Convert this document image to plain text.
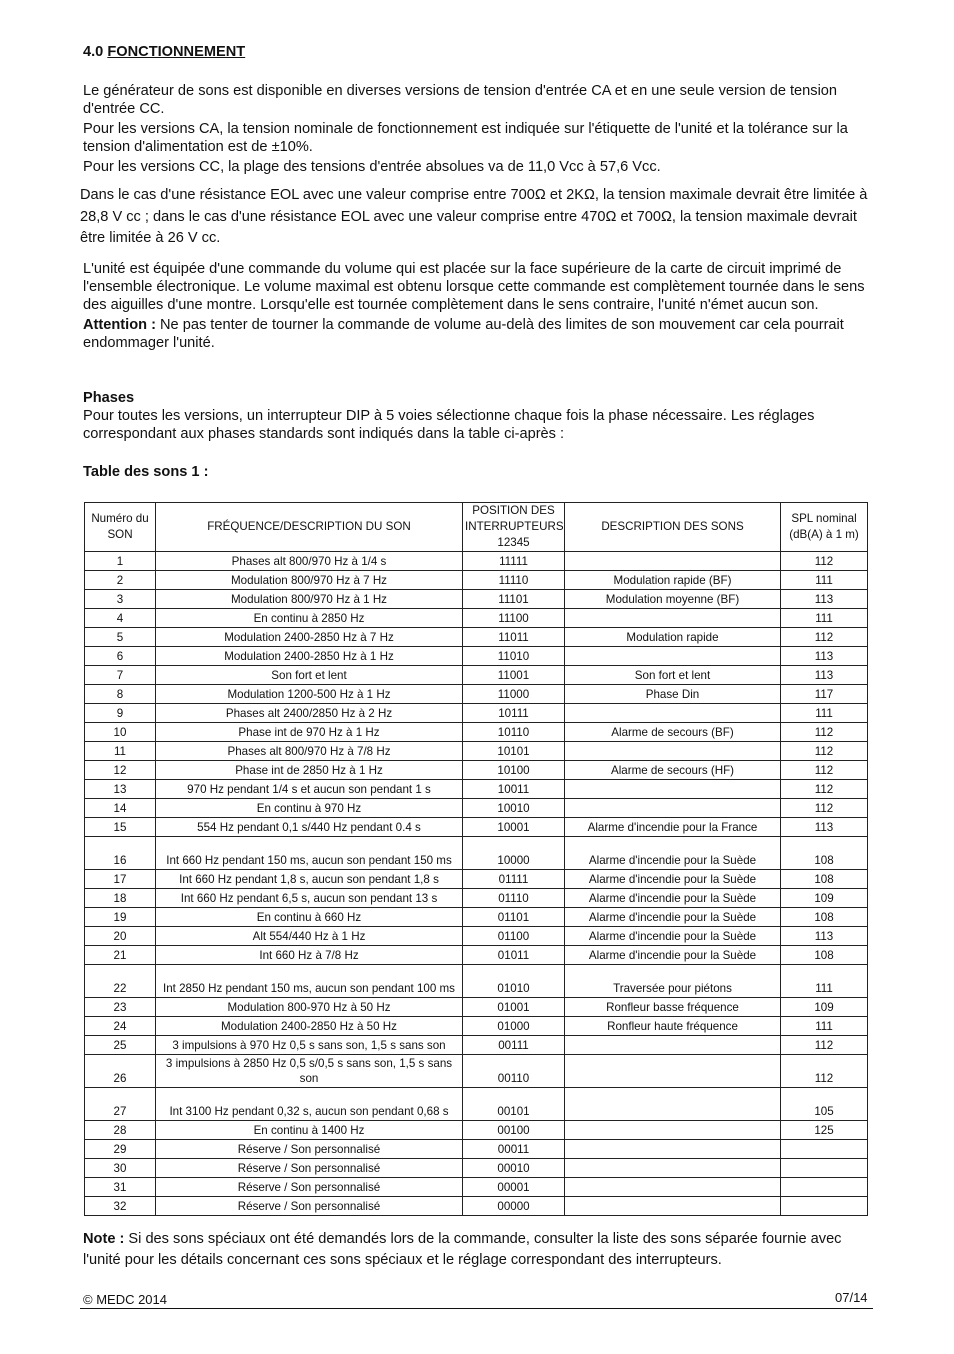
4.0 FONCTIONNEMENT

Le générateur de sons est disponible en diverses versions de tension d'entrée CA et en une seule version de tension d'entrée CC.

Pour les versions CA, la tension nominale de fonctionnement est indiquée sur l'étiquette de l'unité et la tolérance sur la tension d'alimentation est de ±10%.

Pour les versions CC, la plage des tensions d'entrée absolues va de 11,0 Vcc à 57,6 Vcc.

Dans le cas d'une résistance EOL avec une valeur comprise entre 700Ω et 2KΩ, la tension maximale devrait être limitée à 28,8 V cc ; dans le cas d'une résistance EOL avec une valeur comprise entre 470Ω et 700Ω, la tension maximale devrait être limitée à 26 V cc.

L'unité est équipée d'une commande du volume qui est placée sur la face supérieure de la carte de circuit imprimé de l'ensemble électronique. Le volume maximal est obtenu lorsque cette commande est complètement tournée dans le sens des aiguilles d'une montre. Lorsqu'elle est tournée complètement dans le sens contraire, l'unité n'émet aucun son.

Attention : Ne pas tenter de tourner la commande de volume au-delà des limites de son mouvement car cela pourrait endommager l'unité.

Phases

Pour toutes les versions, un interrupteur DIP à 5 voies sélectionne chaque fois la phase nécessaire. Les réglages correspondant aux phases standards sont indiqués dans la table ci-après :

Table des sons 1 :
Numéro du SON	FRÉQUENCE/DESCRIPTION DU SON	POSITION DES INTERRUPTEURS 12345	DESCRIPTION DES SONS	SPL nominal (dB(A) à 1 m)
1	Phases alt 800/970 Hz à 1/4 s	11111		112
2	Modulation 800/970 Hz à 7 Hz	11110	Modulation rapide (BF)	111
3	Modulation 800/970 Hz à 1 Hz	11101	Modulation moyenne (BF)	113
4	En continu à 2850 Hz	11100		111
5	Modulation 2400-2850 Hz à 7 Hz	11011	Modulation rapide	112
6	Modulation 2400-2850 Hz à 1 Hz	11010		113
7	Son fort et lent	11001	Son fort et lent	113
8	Modulation 1200-500 Hz à 1 Hz	11000	Phase Din	117
9	Phases alt 2400/2850 Hz à 2 Hz	10111		111
10	Phase int de 970 Hz à 1 Hz	10110	Alarme de secours (BF)	112
11	Phases alt 800/970 Hz à 7/8 Hz	10101		112
12	Phase int de 2850 Hz à 1 Hz	10100	Alarme de secours (HF)	112
13	970 Hz pendant 1/4 s et aucun son pendant 1 s	10011		112
14	En continu à 970 Hz	10010		112
15	554 Hz pendant 0,1 s/440 Hz pendant 0.4 s	10001	Alarme d'incendie pour la France	113
16	Int 660 Hz pendant 150 ms, aucun son pendant 150 ms	10000	Alarme d'incendie pour la Suède	108
17	Int 660 Hz pendant 1,8 s, aucun son pendant 1,8 s	01111	Alarme d'incendie pour la Suède	108
18	Int 660 Hz pendant 6,5 s, aucun son pendant 13 s	01110	Alarme d'incendie pour la Suède	109
19	En continu à 660 Hz	01101	Alarme d'incendie pour la Suède	108
20	Alt 554/440 Hz à 1 Hz	01100	Alarme d'incendie pour la Suède	113
21	Int 660 Hz à 7/8 Hz	01011	Alarme d'incendie pour la Suède	108
22	Int 2850 Hz pendant 150 ms, aucun son pendant 100 ms	01010	Traversée pour piétons	111
23	Modulation 800-970 Hz à 50 Hz	01001	Ronfleur basse fréquence	109
24	Modulation 2400-2850 Hz à 50 Hz	01000	Ronfleur haute fréquence	111
25	3 impulsions à 970 Hz 0,5 s sans son, 1,5 s sans son	00111		112
26	3 impulsions à 2850 Hz 0,5 s/0,5 s sans son, 1,5 s sans son	00110		112
27	Int 3100 Hz pendant 0,32 s, aucun son pendant 0,68 s	00101		105
28	En continu à 1400 Hz	00100		125
29	Réserve / Son personnalisé	00011		
30	Réserve / Son personnalisé	00010		
31	Réserve / Son personnalisé	00001		
32	Réserve / Son personnalisé	00000		

Note : Si des sons spéciaux ont été demandés lors de la commande, consulter la liste des sons séparée fournie avec l'unité pour les détails concernant ces sons spéciaux et le réglage correspondant des interrupteurs.

© MEDC 2014	07/14
